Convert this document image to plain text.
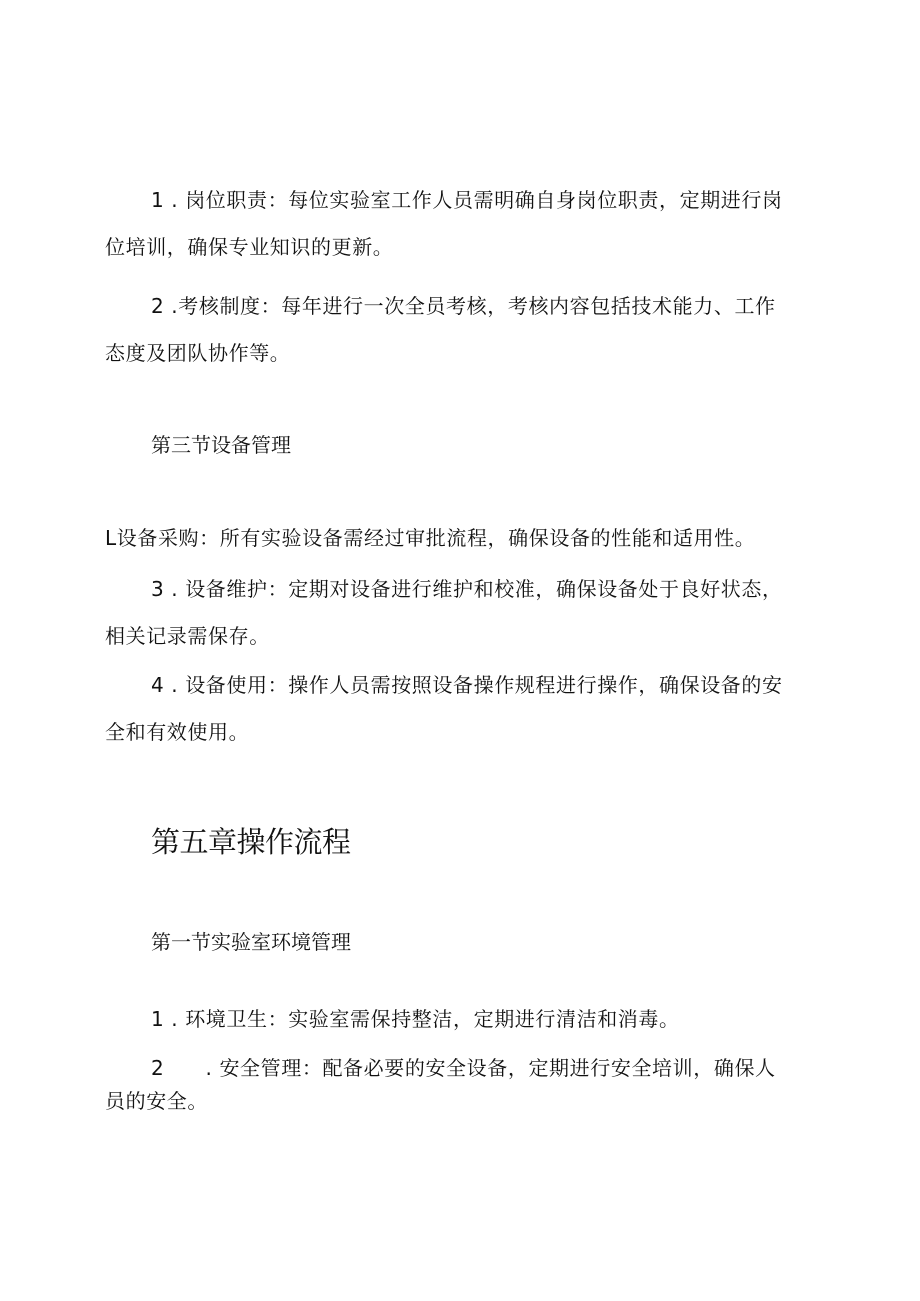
1 . 岗位职责：每位实验室工作人员需明确自身岗位职责，定期进行岗
位培训，确保专业知识的更新。

2 .考核制度：每年进行一次全员考核，考核内容包括技术能力、工作
态度及团队协作等。

第三节设备管理

L设备采购：所有实验设备需经过审批流程，确保设备的性能和适用性。

3 . 设备维护：定期对设备进行维护和校准，确保设备处于良好状态，
相关记录需保存。

4 . 设备使用：操作人员需按照设备操作规程进行操作，确保设备的安
全和有效使用。

第五章操作流程
第一节实验室环境管理

1 . 环境卫生：实验室需保持整洁，定期进行清洁和消毒。

2　　. 安全管理：配备必要的安全设备，定期进行安全培训，确保人
员的安全。
